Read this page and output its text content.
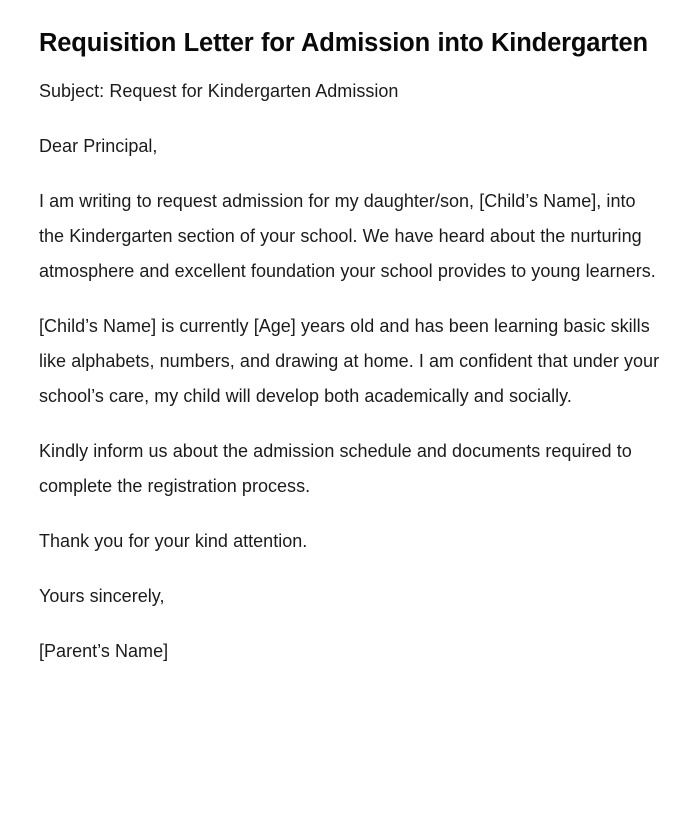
Requisition Letter for Admission into Kindergarten

Subject: Request for Kindergarten Admission

Dear Principal,

I am writing to request admission for my daughter/son, [Child’s Name], into the Kindergarten section of your school. We have heard about the nurturing atmosphere and excellent foundation your school provides to young learners.

[Child’s Name] is currently [Age] years old and has been learning basic skills like alphabets, numbers, and drawing at home. I am confident that under your school’s care, my child will develop both academically and socially.

Kindly inform us about the admission schedule and documents required to complete the registration process.

Thank you for your kind attention.

Yours sincerely,

[Parent’s Name]
